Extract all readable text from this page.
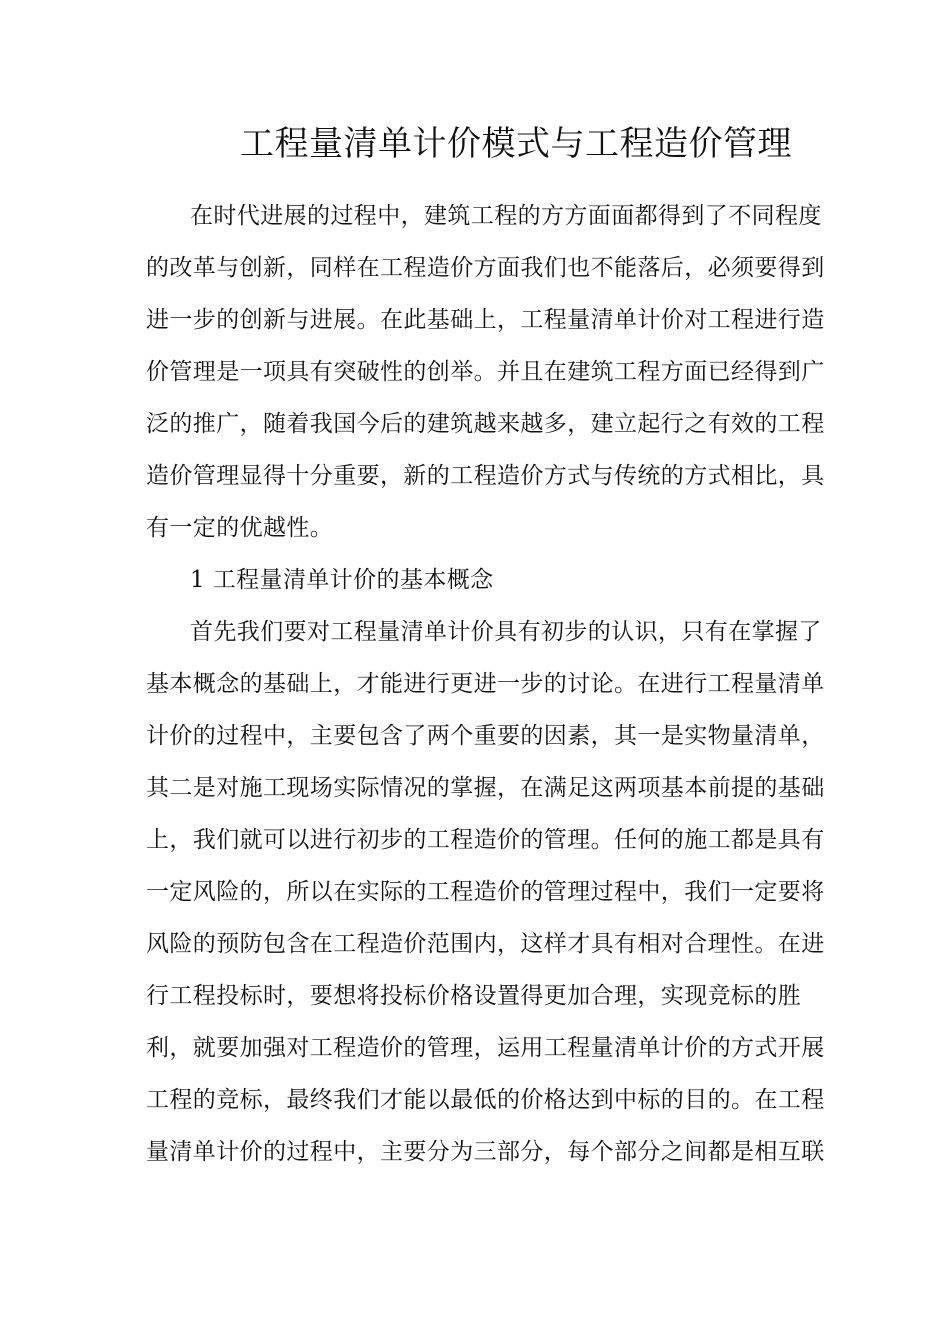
工程量清单计价模式与工程造价管理
在时代进展的过程中，建筑工程的方方面面都得到了不同程度
的改革与创新，同样在工程造价方面我们也不能落后，必须要得到
进一步的创新与进展。在此基础上，工程量清单计价对工程进行造
价管理是一项具有突破性的创举。并且在建筑工程方面已经得到广
泛的推广，随着我国今后的建筑越来越多，建立起行之有效的工程
造价管理显得十分重要，新的工程造价方式与传统的方式相比，具
有一定的优越性。
1 工程量清单计价的基本概念
首先我们要对工程量清单计价具有初步的认识，只有在掌握了
基本概念的基础上，才能进行更进一步的讨论。在进行工程量清单
计价的过程中，主要包含了两个重要的因素，其一是实物量清单，
其二是对施工现场实际情况的掌握，在满足这两项基本前提的基础
上，我们就可以进行初步的工程造价的管理。任何的施工都是具有
一定风险的，所以在实际的工程造价的管理过程中，我们一定要将
风险的预防包含在工程造价范围内，这样才具有相对合理性。在进
行工程投标时，要想将投标价格设置得更加合理，实现竞标的胜
利，就要加强对工程造价的管理，运用工程量清单计价的方式开展
工程的竞标，最终我们才能以最低的价格达到中标的目的。在工程
量清单计价的过程中，主要分为三部分，每个部分之间都是相互联
